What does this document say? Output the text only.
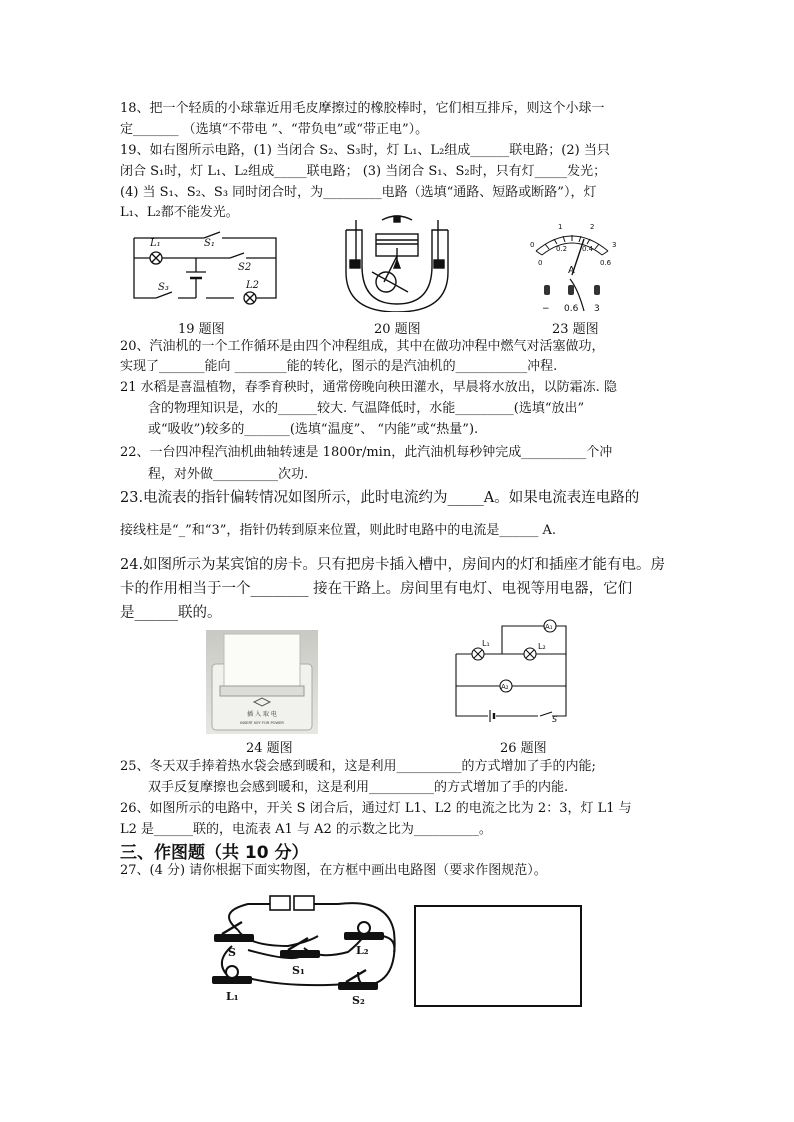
18、把一个轻质的小球靠近用毛皮摩擦过的橡胶棒时，它们相互排斥，则这个小球一
定_______ （选填“不带电 ”、“带负电”或“带正电”）。
19、如右图所示电路，(1) 当闭合 S₂、S₃时，灯 L₁、L₂组成______联电路；(2) 当只
闭合 S₁时，灯 L₁、L₂组成_____联电路； (3) 当闭合 S₁、S₂时，只有灯_____发光；
(4) 当 S₁、S₂、S₃ 同时闭合时，为_________电路（选填“通路、短路或断路”），灯
L₁、L₂都不能发光。
L₁	S₁
S2
S₃	L2
0
1	2
3
0
0.2 0.4
0.6
A
− 0.6 3
19 题图	20 题图	23 题图
20、汽油机的一个工作循环是由四个冲程组成，其中在做功冲程中燃气对活塞做功，
实现了_______能向 ________能的转化，图示的是汽油机的___________冲程.
21 水稻是喜温植物，春季育秧时，通常傍晚向秧田灌水，早晨将水放出，以防霜冻. 隐
含的物理知识是，水的______较大. 气温降低时，水能_________(选填“放出”
或“吸收”)较多的_______(选填“温度”、 “内能”或“热量”).
22、一台四冲程汽油机曲轴转速是 1800r/min，此汽油机每秒钟完成__________个冲
程，对外做__________次功.
23.电流表的指针偏转情况如图所示，此时电流约为_____A。如果电流表连电路的
接线柱是“_”和“3”，指针仍转到原来位置，则此时电路中的电流是______ A.
24.如图所示为某宾馆的房卡。只有把房卡插入槽中，房间内的灯和插座才能有电。房
卡的作用相当于一个________ 接在干路上。房间里有电灯、电视等用电器，它们
是______联的。
插 入 取 电
INSERT KEY FOR POWER
L₁	L₂
A₁
A₂
S
24 题图	26 题图
25、冬天双手捧着热水袋会感到暖和，这是利用__________的方式增加了手的内能;
双手反复摩擦也会感到暖和，这是利用__________的方式增加了手的内能.
26、如图所示的电路中，开关 S 闭合后，通过灯 L1、L2 的电流之比为 2：3，灯 L1 与
L2 是______联的，电流表 A1 与 A2 的示数之比为__________。
三、作图题（共 10 分）
27、(4 分) 请你根据下面实物图，在方框中画出电路图（要求作图规范）。
S
S₁
L₂
L₁	S₂
